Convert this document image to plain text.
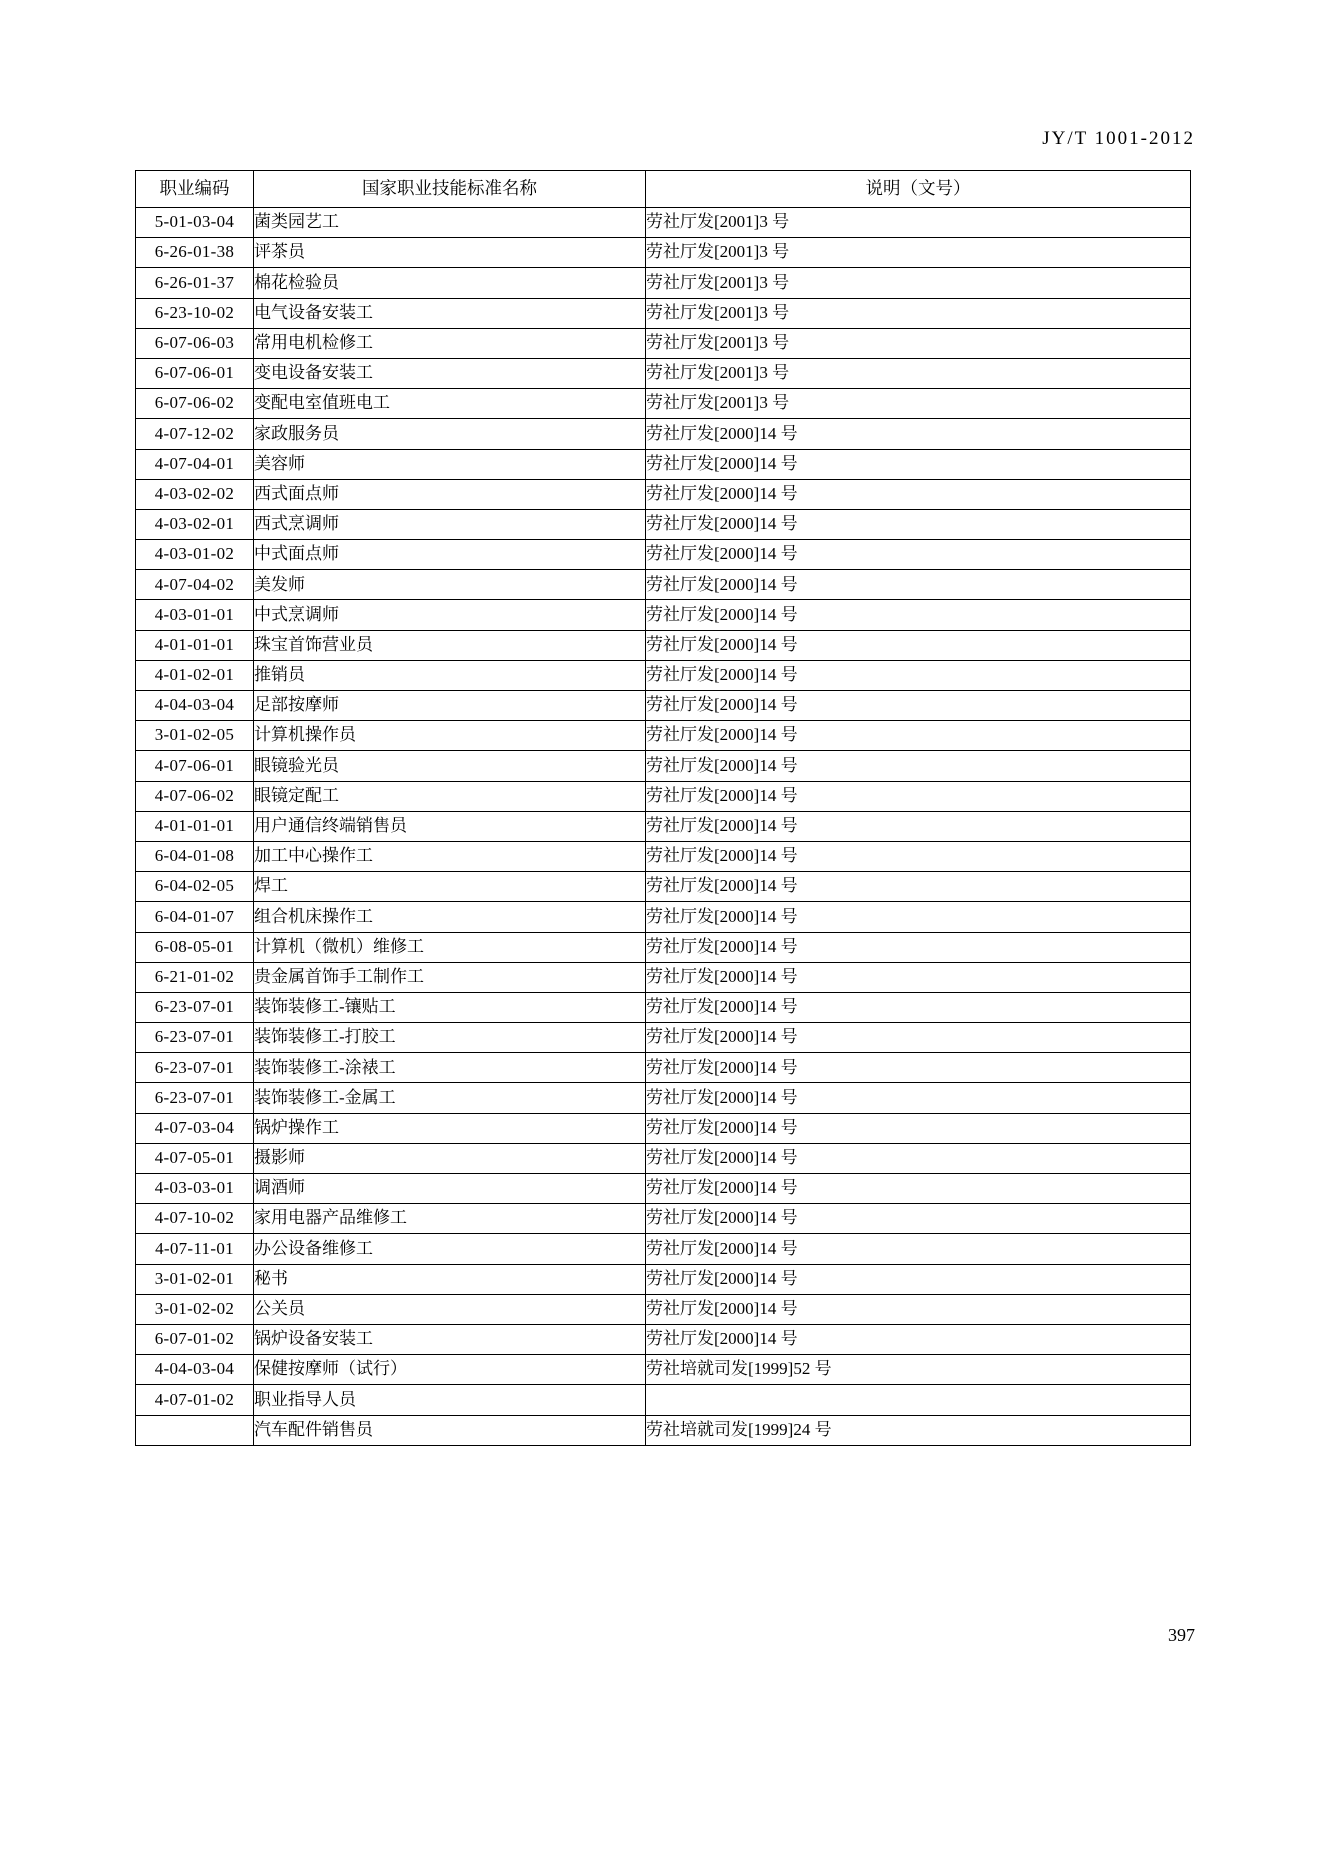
JY/T 1001-2012
职业编码	国家职业技能标准名称	说明（文号）
5-01-03-04	菌类园艺工	劳社厅发[2001]3 号
6-26-01-38	评茶员	劳社厅发[2001]3 号
6-26-01-37	棉花检验员	劳社厅发[2001]3 号
6-23-10-02	电气设备安装工	劳社厅发[2001]3 号
6-07-06-03	常用电机检修工	劳社厅发[2001]3 号
6-07-06-01	变电设备安装工	劳社厅发[2001]3 号
6-07-06-02	变配电室值班电工	劳社厅发[2001]3 号
4-07-12-02	家政服务员	劳社厅发[2000]14 号
4-07-04-01	美容师	劳社厅发[2000]14 号
4-03-02-02	西式面点师	劳社厅发[2000]14 号
4-03-02-01	西式烹调师	劳社厅发[2000]14 号
4-03-01-02	中式面点师	劳社厅发[2000]14 号
4-07-04-02	美发师	劳社厅发[2000]14 号
4-03-01-01	中式烹调师	劳社厅发[2000]14 号
4-01-01-01	珠宝首饰营业员	劳社厅发[2000]14 号
4-01-02-01	推销员	劳社厅发[2000]14 号
4-04-03-04	足部按摩师	劳社厅发[2000]14 号
3-01-02-05	计算机操作员	劳社厅发[2000]14 号
4-07-06-01	眼镜验光员	劳社厅发[2000]14 号
4-07-06-02	眼镜定配工	劳社厅发[2000]14 号
4-01-01-01	用户通信终端销售员	劳社厅发[2000]14 号
6-04-01-08	加工中心操作工	劳社厅发[2000]14 号
6-04-02-05	焊工	劳社厅发[2000]14 号
6-04-01-07	组合机床操作工	劳社厅发[2000]14 号
6-08-05-01	计算机（微机）维修工	劳社厅发[2000]14 号
6-21-01-02	贵金属首饰手工制作工	劳社厅发[2000]14 号
6-23-07-01	装饰装修工-镶贴工	劳社厅发[2000]14 号
6-23-07-01	装饰装修工-打胶工	劳社厅发[2000]14 号
6-23-07-01	装饰装修工-涂裱工	劳社厅发[2000]14 号
6-23-07-01	装饰装修工-金属工	劳社厅发[2000]14 号
4-07-03-04	锅炉操作工	劳社厅发[2000]14 号
4-07-05-01	摄影师	劳社厅发[2000]14 号
4-03-03-01	调酒师	劳社厅发[2000]14 号
4-07-10-02	家用电器产品维修工	劳社厅发[2000]14 号
4-07-11-01	办公设备维修工	劳社厅发[2000]14 号
3-01-02-01	秘书	劳社厅发[2000]14 号
3-01-02-02	公关员	劳社厅发[2000]14 号
6-07-01-02	锅炉设备安装工	劳社厅发[2000]14 号
4-04-03-04	保健按摩师（试行）	劳社培就司发[1999]52 号
4-07-01-02	职业指导人员	
	汽车配件销售员	劳社培就司发[1999]24 号
397
